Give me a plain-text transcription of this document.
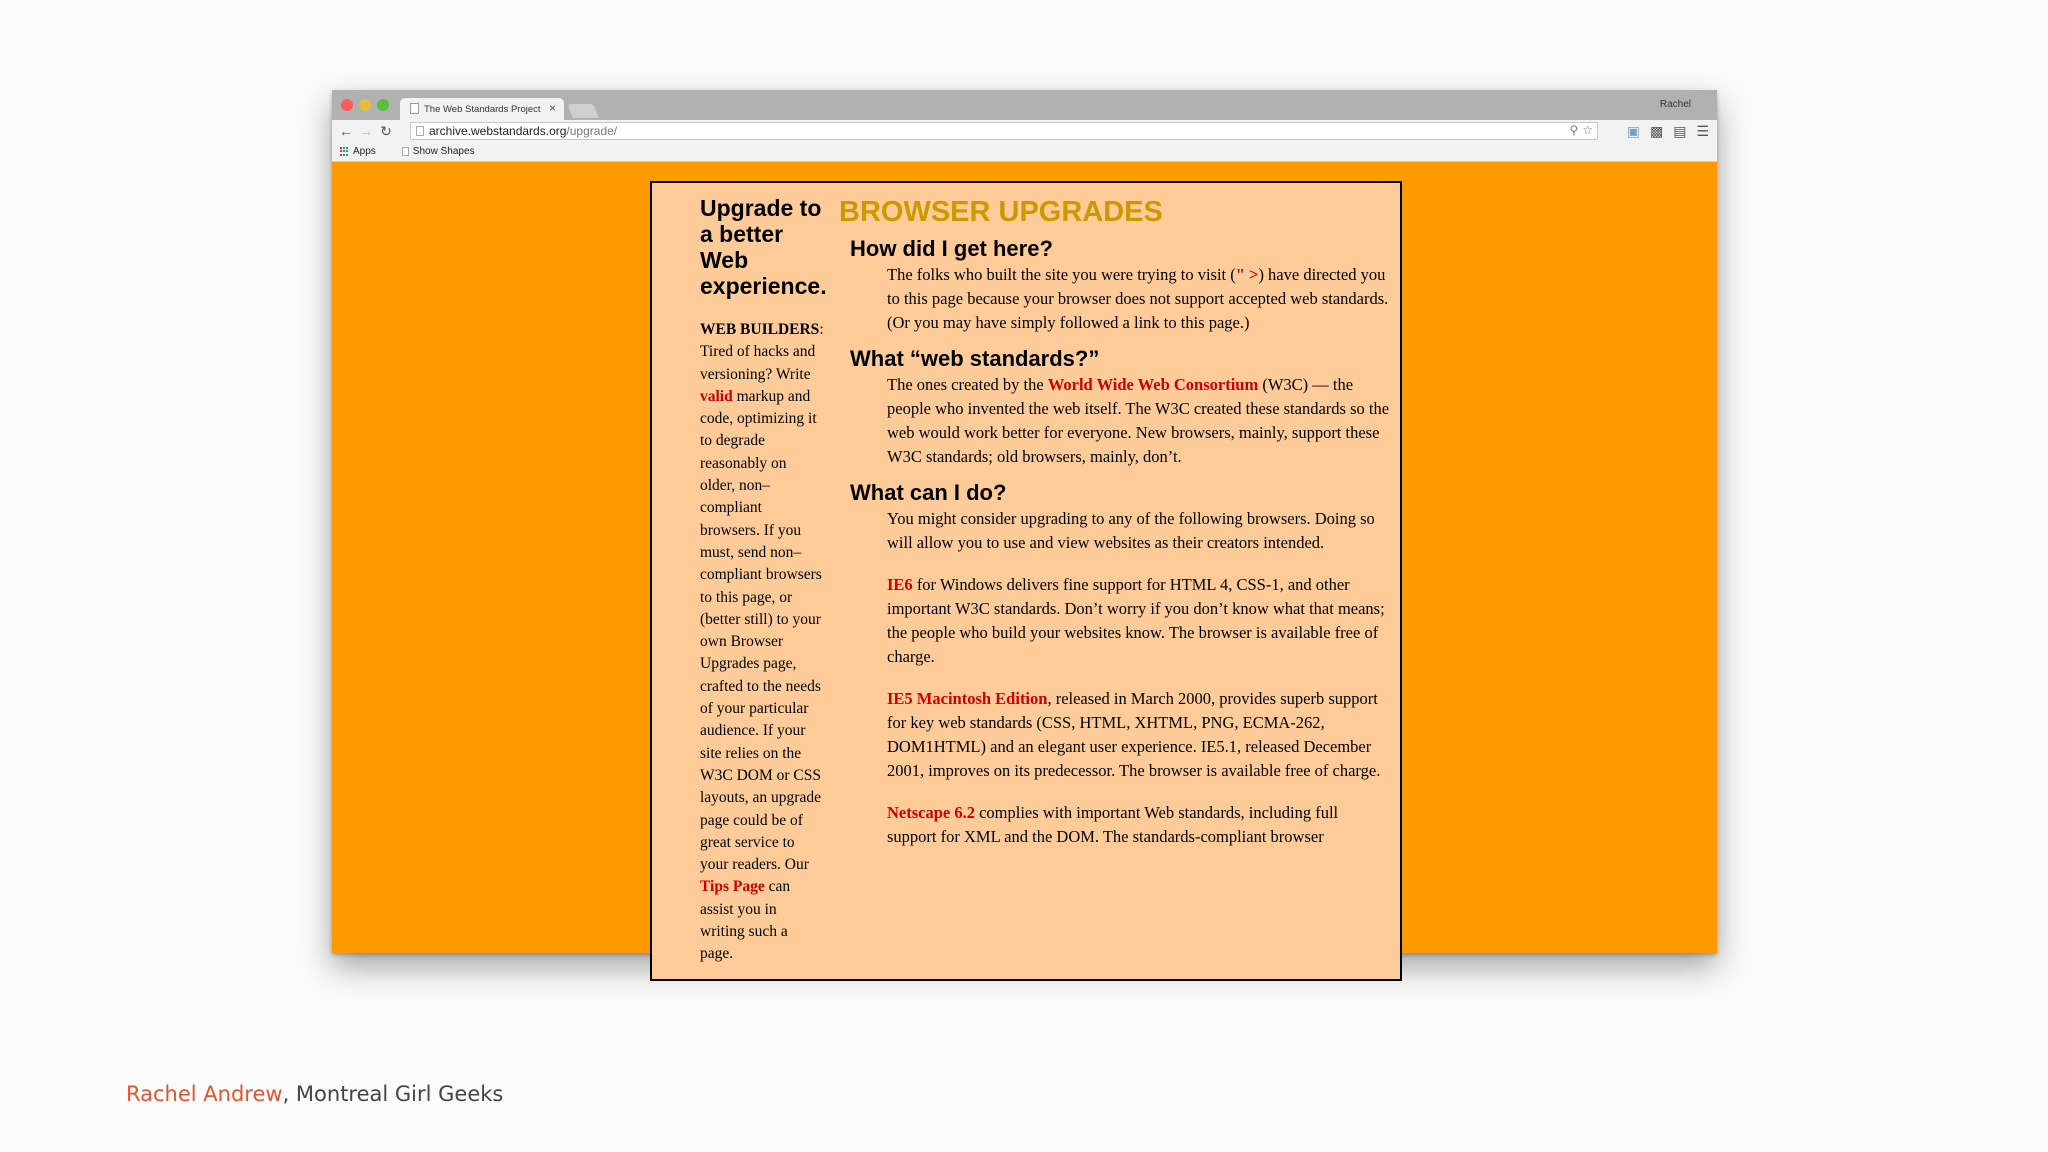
The Web Standards Project ×	Rachel
← → ↻	archive.webstandards.org/upgrade/	⚲ ☆ ▣ ▩ ▤ ☰
Apps	Show Shapes
Upgrade to a better Web experience.

WEB BUILDERS: Tired of hacks and versioning? Write valid markup and code, optimizing it to degrade reasonably on older, non–compliant browsers. If you must, send non–compliant browsers to this page, or (better still) to your own Browser Upgrades page, crafted to the needs of your particular audience. If your site relies on the W3C DOM or CSS layouts, an upgrade page could be of great service to your readers. Our Tips Page can assist you in writing such a page.

BROWSER UPGRADES
How did I get here?

The folks who built the site you were trying to visit (" >) have directed you to this page because your browser does not support accepted web standards. (Or you may have simply followed a link to this page.)

What “web standards?”

The ones created by the World Wide Web Consortium (W3C) — the people who invented the web itself. The W3C created these standards so the web would work better for everyone. New browsers, mainly, support these W3C standards; old browsers, mainly, don’t.

What can I do?

You might consider upgrading to any of the following browsers. Doing so will allow you to use and view websites as their creators intended.

IE6 for Windows delivers fine support for HTML 4, CSS-1, and other important W3C standards. Don’t worry if you don’t know what that means; the people who build your websites know. The browser is available free of charge.

IE5 Macintosh Edition, released in March 2000, provides superb support for key web standards (CSS, HTML, XHTML, PNG, ECMA-262, DOM1HTML) and an elegant user experience. IE5.1, released December 2001, improves on its predecessor. The browser is available free of charge.

Netscape 6.2 complies with important Web standards, including full support for XML and the DOM. The standards-compliant browser

Rachel Andrew, Montreal Girl Geeks
